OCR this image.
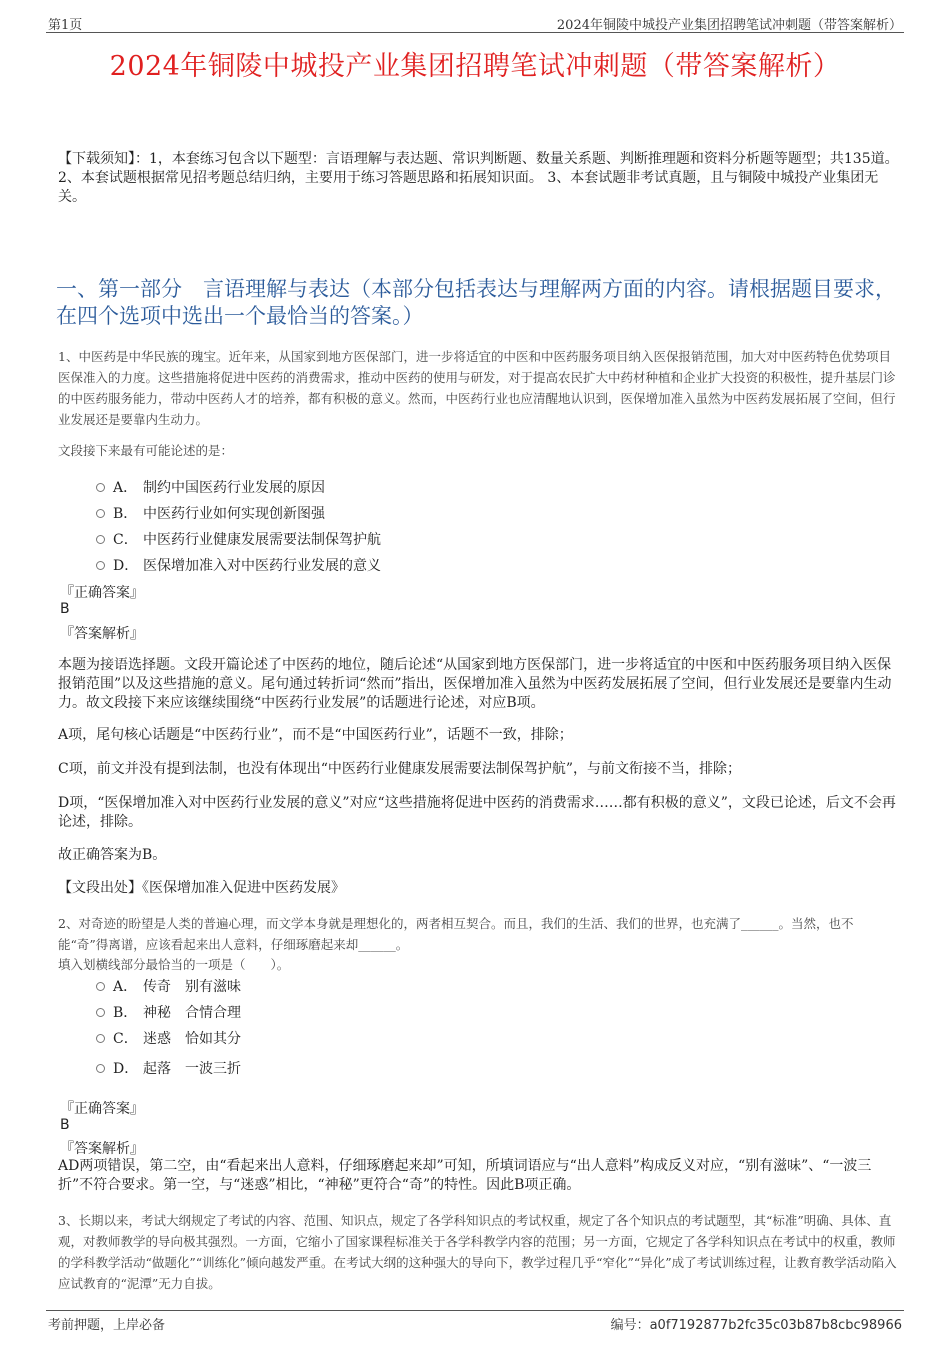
第1页	2024年铜陵中城投产业集团招聘笔试冲刺题（带答案解析）
2024年铜陵中城投产业集团招聘笔试冲刺题（带答案解析）
【下载须知】：1，本套练习包含以下题型：言语理解与表达题、常识判断题、数量关系题、判断推理题和资料分析题等题型；共135道。 2、本套试题根据常见招考题总结归纳，主要用于练习答题思路和拓展知识面。 3、本套试题非考试真题，且与铜陵中城投产业集团无关。
一、第一部分　言语理解与表达（本部分包括表达与理解两方面的内容。请根据题目要求，在四个选项中选出一个最恰当的答案。）
1、中医药是中华民族的瑰宝。近年来，从国家到地方医保部门，进一步将适宜的中医和中医药服务项目纳入医保报销范围，加大对中医药特色优势项目医保准入的力度。这些措施将促进中医药的消费需求，推动中医药的使用与研发，对于提高农民扩大中药材种植和企业扩大投资的积极性，提升基层门诊的中医药服务能力，带动中医药人才的培养，都有积极的意义。然而，中医药行业也应清醒地认识到，医保增加准入虽然为中医药发展拓展了空间，但行业发展还是要靠内生动力。
文段接下来最有可能论述的是：
A． 制约中国医药行业发展的原因
B． 中医药行业如何实现创新图强
C． 中医药行业健康发展需要法制保驾护航
D． 医保增加准入对中医药行业发展的意义
『正确答案』
B
『答案解析』
本题为接语选择题。文段开篇论述了中医药的地位，随后论述“从国家到地方医保部门，进一步将适宜的中医和中医药服务项目纳入医保报销范围”以及这些措施的意义。尾句通过转折词“然而”指出，医保增加准入虽然为中医药发展拓展了空间，但行业发展还是要靠内生动力。故文段接下来应该继续围绕“中医药行业发展”的话题进行论述，对应B项。
A项，尾句核心话题是“中医药行业”，而不是“中国医药行业”，话题不一致，排除；
C项，前文并没有提到法制，也没有体现出“中医药行业健康发展需要法制保驾护航”，与前文衔接不当，排除；
D项，“医保增加准入对中医药行业发展的意义”对应“这些措施将促进中医药的消费需求……都有积极的意义”，文段已论述，后文不会再论述，排除。
故正确答案为B。
【文段出处】《医保增加准入促进中医药发展》
2、对奇迹的盼望是人类的普遍心理，而文学本身就是理想化的，两者相互契合。而且，我们的生活、我们的世界，也充满了______。当然，也不能“奇”得离谱，应该看起来出人意料，仔细琢磨起来却______。
填入划横线部分最恰当的一项是（　　）。
A． 传奇　别有滋味
B． 神秘　合情合理
C． 迷惑　恰如其分
D． 起落　一波三折
『正确答案』
B
『答案解析』
AD两项错误，第二空，由“看起来出人意料，仔细琢磨起来却”可知，所填词语应与“出人意料”构成反义对应，“别有滋味”、“一波三折”不符合要求。第一空，与“迷惑”相比，“神秘”更符合“奇”的特性。因此B项正确。
3、长期以来，考试大纲规定了考试的内容、范围、知识点，规定了各学科知识点的考试权重，规定了各个知识点的考试题型，其“标准”明确、具体、直观，对教师教学的导向极其强烈。一方面，它缩小了国家课程标准关于各学科教学内容的范围；另一方面，它规定了各学科知识点在考试中的权重，教师的学科教学活动“做题化”“训练化”倾向越发严重。在考试大纲的这种强大的导向下，教学过程几乎“窄化”“异化”成了考试训练过程，让教育教学活动陷入应试教育的“泥潭”无力自拔。
考前押题，上岸必备	编号：a0f7192877b2fc35c03b87b8cbc98966
